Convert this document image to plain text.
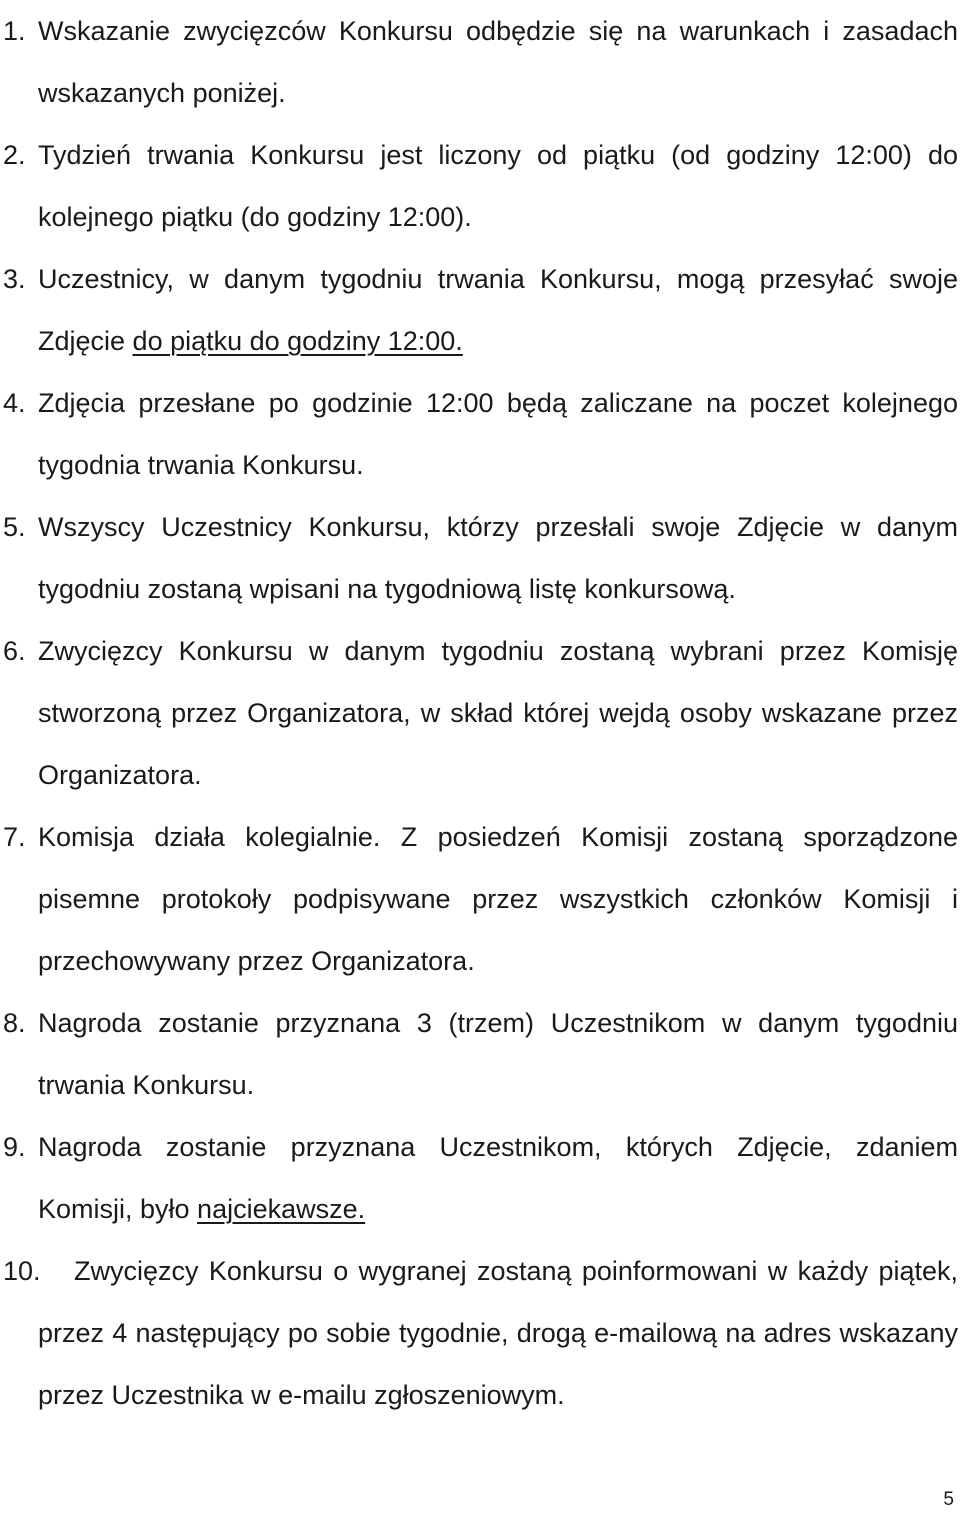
1. Wskazanie zwycięzców Konkursu odbędzie się na warunkach i zasadach wskazanych poniżej.
2. Tydzień trwania Konkursu jest liczony od piątku (od godziny 12:00) do kolejnego piątku (do godziny 12:00).
3. Uczestnicy, w danym tygodniu trwania Konkursu, mogą przesyłać swoje Zdjęcie do piątku do godziny 12:00.
4. Zdjęcia przesłane po godzinie 12:00 będą zaliczane na poczet kolejnego tygodnia trwania Konkursu.
5. Wszyscy Uczestnicy Konkursu, którzy przesłali swoje Zdjęcie w danym tygodniu zostaną wpisani na tygodniową listę konkursową.
6. Zwycięzcy Konkursu w danym tygodniu zostaną wybrani przez Komisję stworzoną przez Organizatora, w skład której wejdą osoby wskazane przez Organizatora.
7. Komisja działa kolegialnie. Z posiedzeń Komisji zostaną sporządzone pisemne protokoły podpisywane przez wszystkich członków Komisji i przechowywany przez Organizatora.
8. Nagroda zostanie przyznana 3 (trzem) Uczestnikom w danym tygodniu trwania Konkursu.
9. Nagroda zostanie przyznana Uczestnikom, których Zdjęcie, zdaniem Komisji, było najciekawsze.
10.	Zwycięzcy Konkursu o wygranej zostaną poinformowani w każdy piątek, przez 4 następujący po sobie tygodnie, drogą e-mailową na adres wskazany przez Uczestnika w e-mailu zgłoszeniowym.
5
